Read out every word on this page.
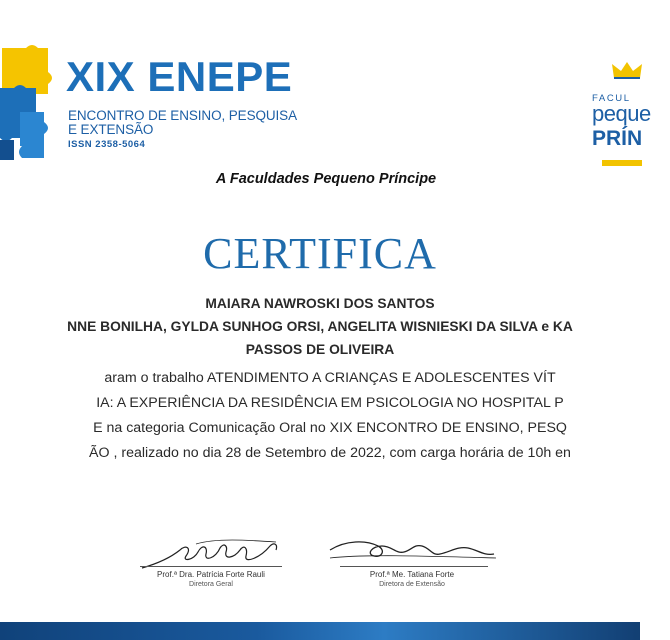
XIX ENEPE
ENCONTRO DE ENSINO, PESQUISA
E EXTENSÃO
ISSN 2358-5064
FACUL
peque
PRÍN
A Faculdades Pequeno Príncipe
CERTIFICA
MAIARA NAWROSKI DOS SANTOS
NNE BONILHA, GYLDA SUNHOG ORSI, ANGELITA WISNIESKI DA SILVA e KA
PASSOS DE OLIVEIRA
aram o trabalho ATENDIMENTO A CRIANÇAS E ADOLESCENTES VÍT
IA: A EXPERIÊNCIA DA RESIDÊNCIA EM PSICOLOGIA NO HOSPITAL P
E na categoria Comunicação Oral no XIX ENCONTRO DE ENSINO, PESQ
ÃO , realizado no dia 28 de Setembro de 2022, com carga horária de 10h en
Prof.ª Dra. Patrícia Forte Rauli
Diretora Geral
Prof.ª Me. Tatiana Forte
Diretora de Extensão
